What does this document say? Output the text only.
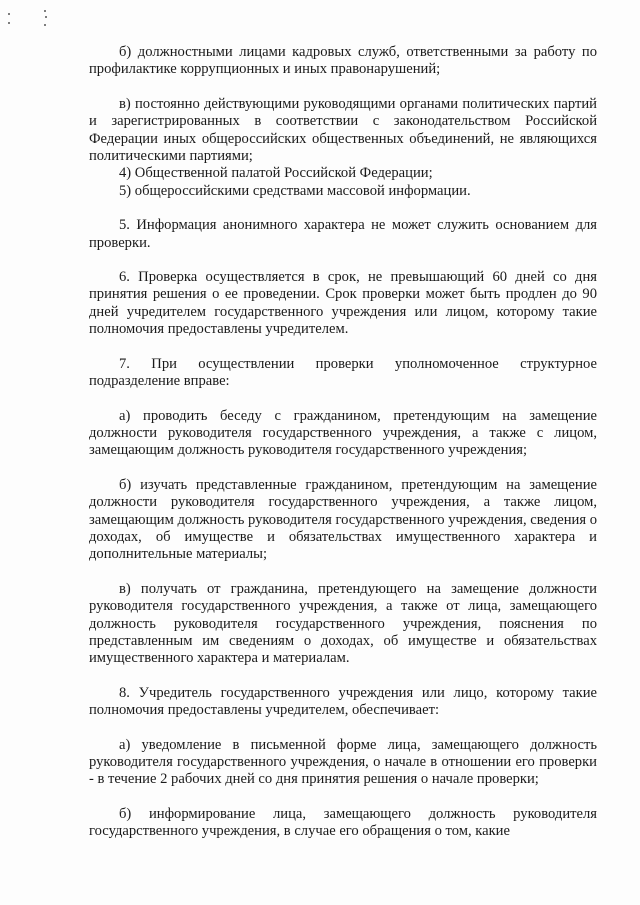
б) должностными лицами кадровых служб, ответственными за работу по профилактике коррупционных и иных правонарушений;

в) постоянно действующими руководящими органами политических партий и зарегистрированных в соответствии с законодательством Российской Федерации иных общероссийских общественных объединений, не являющихся политическими партиями;

4) Общественной палатой Российской Федерации;

5) общероссийскими средствами массовой информации.

5. Информация анонимного характера не может служить основанием для проверки.

6. Проверка осуществляется в срок, не превышающий 60 дней со дня принятия решения о ее проведении. Срок проверки может быть продлен до 90 дней учредителем государственного учреждения или лицом, которому такие полномочия предоставлены учредителем.

7. При осуществлении проверки уполномоченное структурное подразделение вправе:

а) проводить беседу с гражданином, претендующим на замещение должности руководителя государственного учреждения, а также с лицом, замещающим должность руководителя государственного учреждения;

б) изучать представленные гражданином, претендующим на замещение должности руководителя государственного учреждения, а также лицом, замещающим должность руководителя государственного учреждения, сведения о доходах, об имуществе и обязательствах имущественного характера и дополнительные материалы;

в) получать от гражданина, претендующего на замещение должности руководителя государственного учреждения, а также от лица, замещающего должность руководителя государственного учреждения, пояснения по представленным им сведениям о доходах, об имуществе и обязательствах имущественного характера и материалам.

8. Учредитель государственного учреждения или лицо, которому такие полномочия предоставлены учредителем, обеспечивает:

а) уведомление в письменной форме лица, замещающего должность руководителя государственного учреждения, о начале в отношении его проверки - в течение 2 рабочих дней со дня принятия решения о начале проверки;

б) информирование лица, замещающего должность руководителя государственного учреждения, в случае его обращения о том, какие
